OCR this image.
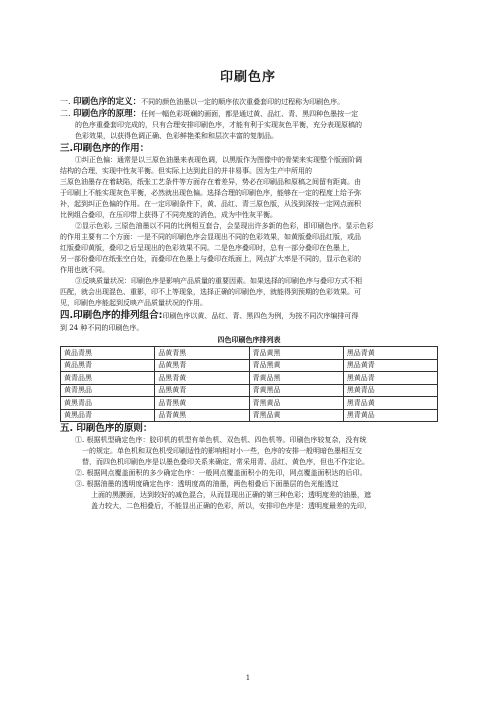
印刷色序
一. 印刷色序的定义：不同的颜色油墨以一定的顺序依次重叠套印的过程称为印刷色序。
二. 印刷色序的原理：任何一幅色彩斑斓的画面，都是通过黄、品红、青、黑四种色墨按一定
的色序重叠套印完成的，只有合理安排印刷色序，才能有利于实现灰色平衡，充分表现原稿的
色彩效果，以获得色调正确、色彩鲜艳柔和和层次丰富的复制品。
三.印刷色序的作用：
①纠正色偏：通常是以三原色油墨来表现色调，以黑版作为图像中的骨架来实现整个版面阶调
结构的合理，实现中性灰平衡。但实际上达到此目的并非易事。因为生产中所用的
三原色油墨存在着缺陷，纸张工艺条件等方面存在着差异，势必在印刷品和原稿之间留有距离。由
于印刷上不能实现灰色平衡，必然就出现色偏。选择合理的印刷色序，能够在一定的程度上给予弥
补，起到纠正色偏的作用。在一定印刷条件下，黄、品红、青三原色版，从浅到深按一定网点面积
比例组合叠印，在压印带上获得了不同亮度的消色，成为中性灰平衡。
②显示色彩, 三原色油墨以不同的比例相互套合，会显现出许多新的色彩，即印刷色序。显示色彩
的作用主要有二个方面：一是不同的印刷色序会显现出不同的色彩效果，如黄版叠印品红版，或品
红版叠印黄版，叠印之后呈现出的色彩效果不同。二是色序叠印时，总有一部分叠印在色墨上，
另一部份叠印在纸张空白处，而叠印在色墨上与叠印在纸面上，网点扩大率是不同的，显示色彩的
作用也就不同。
③反映质量状况：印刷色序是影响产品质量的重要因素。如果选择的印刷色序与叠印方式不相
匹配，就会出现混色、重影，印不上等现象，选择正确的印刷色序，就能得到预期的色彩效果。可
见，印刷色序能起到反映产品质量状况的作用。
四.印刷色序的排列组合:印刷色序以黄、品红、青、黑四色为例，为按不同次序编排可得
到 24 种不同的印刷色序。
四色印刷色序排列表
黄品青黑	品黄青黑	青品黄黑	黑品青黄
黄品黑青	品黄黑青	青品黑黄	黑品黄青
黄青品黑	品黑青黄	青黄品黑	黑黄品青
黄青黑品	品黑黄青	青黄黑品	黑黄青品
黄黑青品	品青黑黄	青黑黄品	黑青品黄
黄黑品青	品青黄黑	青黑品黄	黑青黄品
五. 印刷色序的原则：
①. 根据机型确定色序：胶印机的机型有单色机、双色机、四色机等。印刷色序较复杂，没有统
一的规定。单色机和双色机受印刷适性的影响相对小一些，色序的安排一般明暗色墨相互交
替，而四色机印刷色序是以墨色叠印关系来确定，常采用青、品红、黄色序，但也不作定论。
②. 根据网点覆盖面积的多少确定色序：一般网点覆盖面积小的先印，网点覆盖面积达的后印。
③. 根据油墨的透明度确定色序：透明度高的油墨，两色相叠后下面墨层的色光能透过
上面的黑膜面，达到较好的减色混合，从而显现出正确的第三种色彩；透明度差的油墨，遮
盖力较大，二色相叠后，不能显出正确的色彩，所以，安排印色序是：透明度最差的先印，
1
